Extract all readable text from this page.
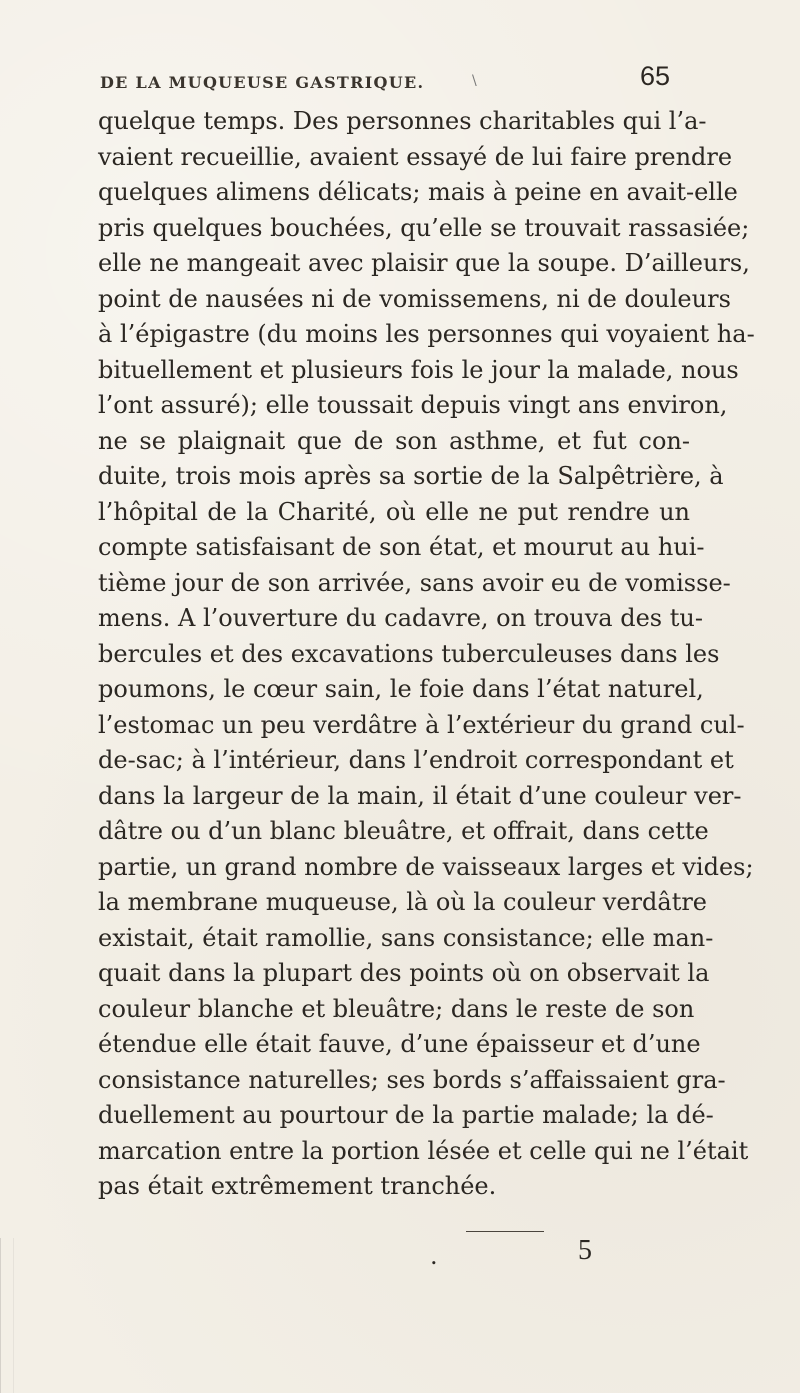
DE LA MUQUEUSE GASTRIQUE.	\	65
quelque temps. Des personnes charitables qui l’a-
vaient recueillie, avaient essayé de lui faire prendre
quelques alimens délicats; mais à peine en avait-elle
pris quelques bouchées, qu’elle se trouvait rassasiée;
elle ne mangeait avec plaisir que la soupe. D’ailleurs,
point de nausées ni de vomissemens, ni de douleurs
à l’épigastre (du moins les personnes qui voyaient ha-
bituellement et plusieurs fois le jour la malade, nous
l’ont assuré); elle toussait depuis vingt ans environ,
ne se plaignait que de son asthme, et fut con-
duite, trois mois après sa sortie de la Salpêtrière, à
l’hôpital de la Charité, où elle ne put rendre un
compte satisfaisant de son état, et mourut au hui-
tième jour de son arrivée, sans avoir eu de vomisse-
mens. A l’ouverture du cadavre, on trouva des tu-
bercules et des excavations tuberculeuses dans les
poumons, le cœur sain, le foie dans l’état naturel,
l’estomac un peu verdâtre à l’extérieur du grand cul-
de-sac; à l’intérieur, dans l’endroit correspondant et
dans la largeur de la main, il était d’une couleur ver-
dâtre ou d’un blanc bleuâtre, et offrait, dans cette
partie, un grand nombre de vaisseaux larges et vides;
la membrane muqueuse, là où la couleur verdâtre
existait, était ramollie, sans consistance; elle man-
quait dans la plupart des points où on observait la
couleur blanche et bleuâtre; dans le reste de son
étendue elle était fauve, d’une épaisseur et d’une
consistance naturelles; ses bords s’affaissaient gra-
duellement au pourtour de la partie malade; la dé-
marcation entre la portion lésée et celle qui ne l’était
pas était extrêmement tranchée.
.	5
